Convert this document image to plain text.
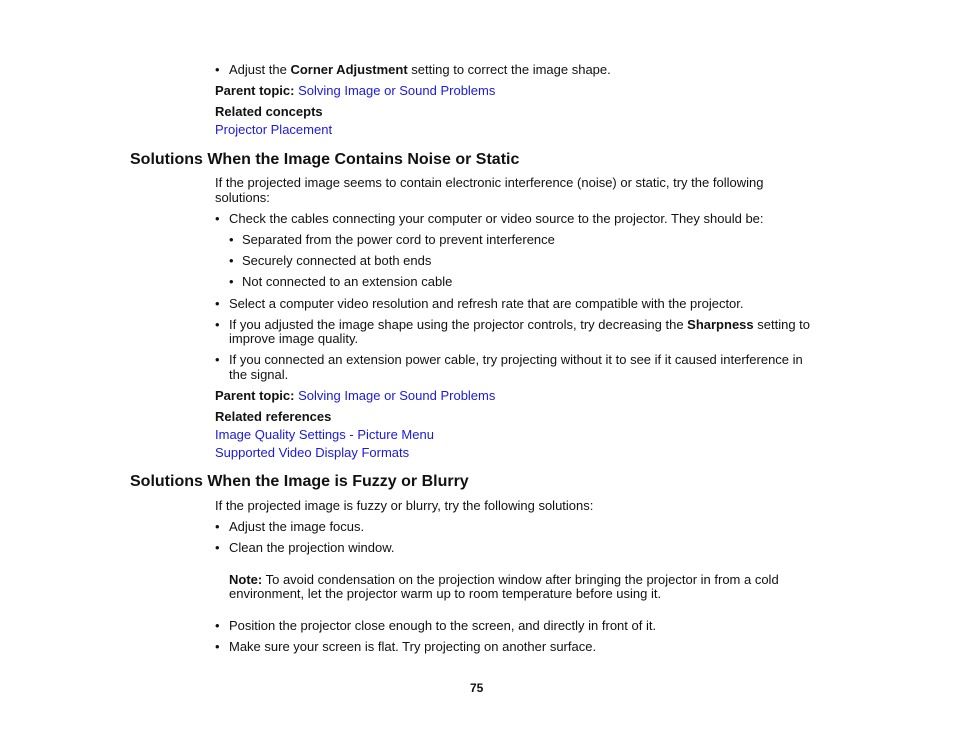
• Adjust the Corner Adjustment setting to correct the image shape.
Parent topic: Solving Image or Sound Problems
Related concepts
Projector Placement
Solutions When the Image Contains Noise or Static
If the projected image seems to contain electronic interference (noise) or static, try the following
solutions:
• Check the cables connecting your computer or video source to the projector. They should be:
• Separated from the power cord to prevent interference
• Securely connected at both ends
• Not connected to an extension cable
• Select a computer video resolution and refresh rate that are compatible with the projector.
• If you adjusted the image shape using the projector controls, try decreasing the Sharpness setting to
improve image quality.
• If you connected an extension power cable, try projecting without it to see if it caused interference in
the signal.
Parent topic: Solving Image or Sound Problems
Related references
Image Quality Settings - Picture Menu
Supported Video Display Formats
Solutions When the Image is Fuzzy or Blurry
If the projected image is fuzzy or blurry, try the following solutions:
• Adjust the image focus.
• Clean the projection window.
Note: To avoid condensation on the projection window after bringing the projector in from a cold
environment, let the projector warm up to room temperature before using it.
• Position the projector close enough to the screen, and directly in front of it.
• Make sure your screen is flat. Try projecting on another surface.
75
